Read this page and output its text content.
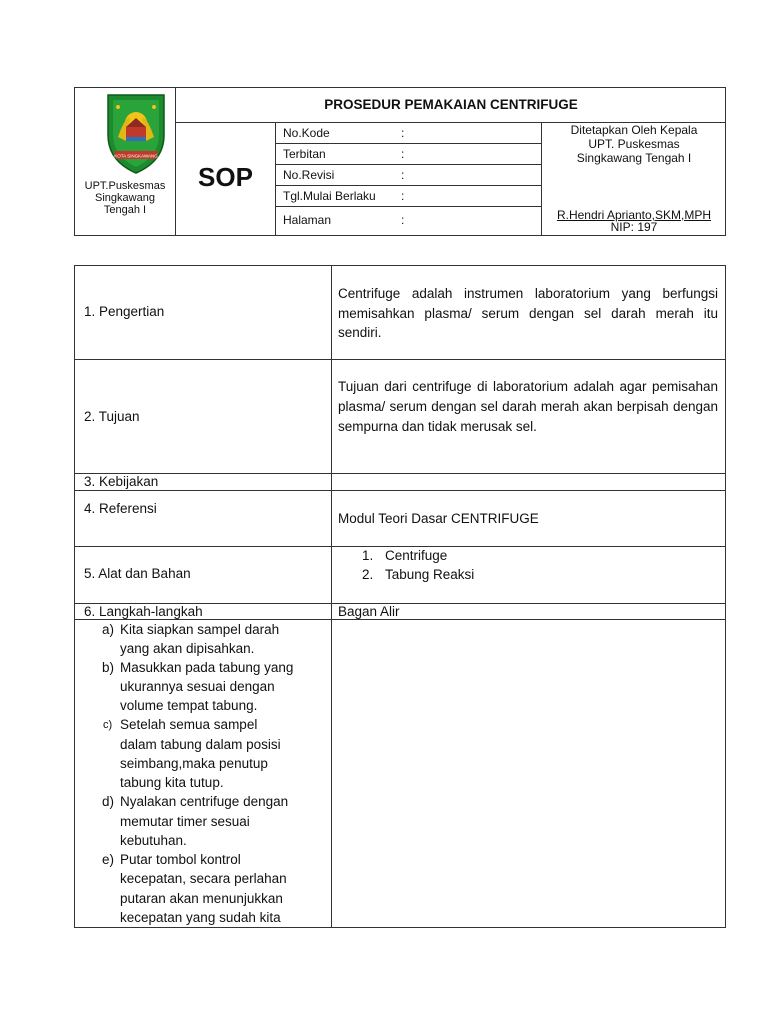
KOTA SINGKAWANG
UPT.Puskesmas
Singkawang
Tengah I
PROSEDUR PEMAKAIAN CENTRIFUGE
SOP
No.Kode	:
Terbitan	:
No.Revisi	:
Tgl.Mulai Berlaku :
Halaman	:
Ditetapkan Oleh Kepala
UPT. Puskesmas
Singkawang Tengah I
R.Hendri Aprianto,SKM,MPH
NIP: 197
1. Pengertian
Centrifuge adalah instrumen laboratorium yang berfungsi memisahkan plasma/ serum dengan sel darah merah itu sendiri.
2. Tujuan
Tujuan dari centrifuge di laboratorium adalah agar pemisahan plasma/ serum dengan sel darah merah akan berpisah dengan sempurna dan tidak merusak sel.
3. Kebijakan
4. Referensi
Modul Teori Dasar CENTRIFUGE
5. Alat dan Bahan
1. Centrifuge
2. Tabung Reaksi
6. Langkah-langkah	Bagan Alir
a) Kita siapkan sampel darah
yang akan dipisahkan.
b) Masukkan pada tabung yang
ukurannya sesuai dengan
volume tempat tabung.
c) Setelah semua sampel
dalam tabung dalam posisi
seimbang,maka penutup
tabung kita tutup.
d) Nyalakan centrifuge dengan
memutar timer sesuai
kebutuhan.
e) Putar tombol kontrol
kecepatan, secara perlahan
putaran akan menunjukkan
kecepatan yang sudah kita
